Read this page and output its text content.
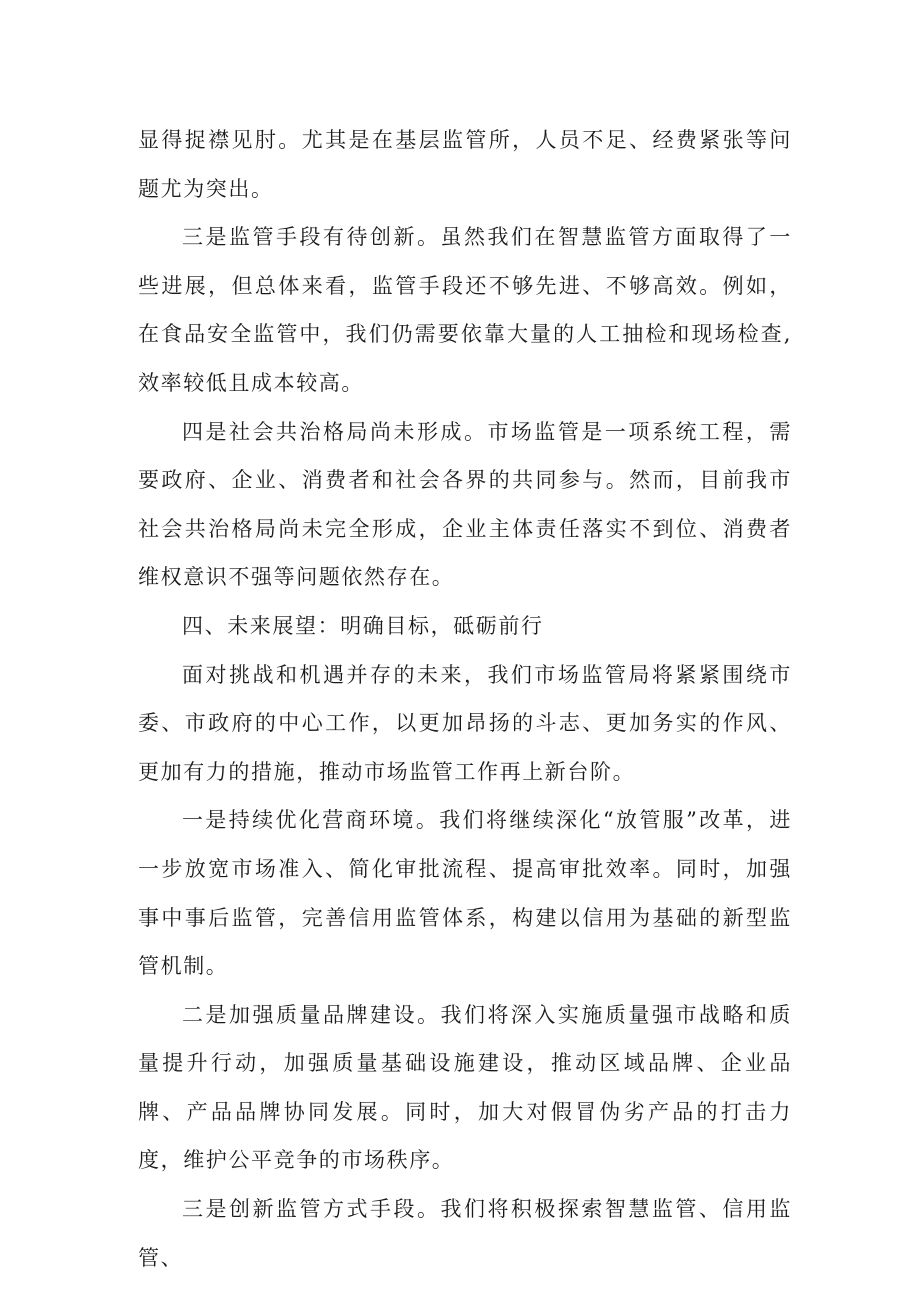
显得捉襟见肘。尤其是在基层监管所，人员不足、经费紧张等问题尤为突出。

三是监管手段有待创新。虽然我们在智慧监管方面取得了一些进展，但总体来看，监管手段还不够先进、不够高效。例如，在食品安全监管中，我们仍需要依靠大量的人工抽检和现场检查,效率较低且成本较高。

四是社会共治格局尚未形成。市场监管是一项系统工程，需要政府、企业、消费者和社会各界的共同参与。然而，目前我市社会共治格局尚未完全形成，企业主体责任落实不到位、消费者维权意识不强等问题依然存在。

四、未来展望：明确目标，砥砺前行

面对挑战和机遇并存的未来，我们市场监管局将紧紧围绕市委、市政府的中心工作，以更加昂扬的斗志、更加务实的作风、更加有力的措施，推动市场监管工作再上新台阶。

一是持续优化营商环境。我们将继续深化“放管服”改革，进一步放宽市场准入、简化审批流程、提高审批效率。同时，加强事中事后监管，完善信用监管体系，构建以信用为基础的新型监管机制。

二是加强质量品牌建设。我们将深入实施质量强市战略和质量提升行动，加强质量基础设施建设，推动区域品牌、企业品牌、产品品牌协同发展。同时，加大对假冒伪劣产品的打击力度，维护公平竞争的市场秩序。

三是创新监管方式手段。我们将积极探索智慧监管、信用监管、
